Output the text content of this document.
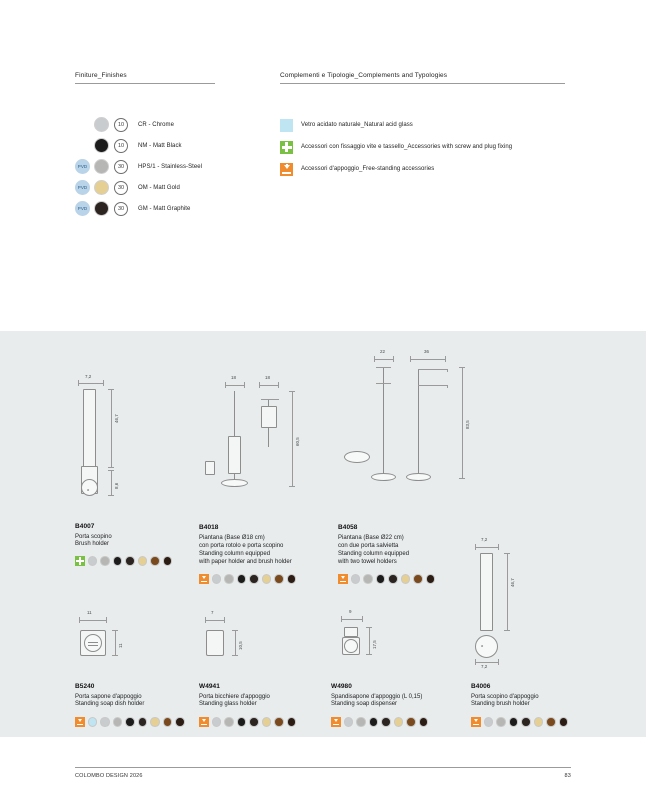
Finiture_Finishes
10	CR - Chrome
10	NM - Matt Black
PVD	30	HPS/1 - Stainless-Steel
PVD	30	OM - Matt Gold
PVD	30	GM - Matt Graphite
Complementi e Tipologie_Complements and Typologies
Vetro acidato naturale_Natural acid glass
Accessori con fissaggio vite e tassello_Accessories with screw and plug fixing
Accessori d'appoggio_Free-standing accessories
7,2
o
46,7
8,6
B4007
Porta scopino
Brush holder
18	18
60,5
B4018
Piantana (Base Ø18 cm)
con porta rotolo e porta scopino
Standing column equipped
with paper holder and brush holder
22	36
83,5
B4058
Piantana (Base Ø22 cm)
con due porta salvietta
Standing column equipped
with two towel holders
11
11
B5240
Porta sapone d'appoggio
Standing soap dish holder
7
10,5
W4941
Porta bicchiere d'appoggio
Standing glass holder
9
17,5
W4980
Spandisapone d'appoggio (L 0,15)
Standing soap dispenser
7,2
o
46,7
7,2
B4006
Porta scopino d'appoggio
Standing brush holder
COLOMBO DESIGN 2026	83
